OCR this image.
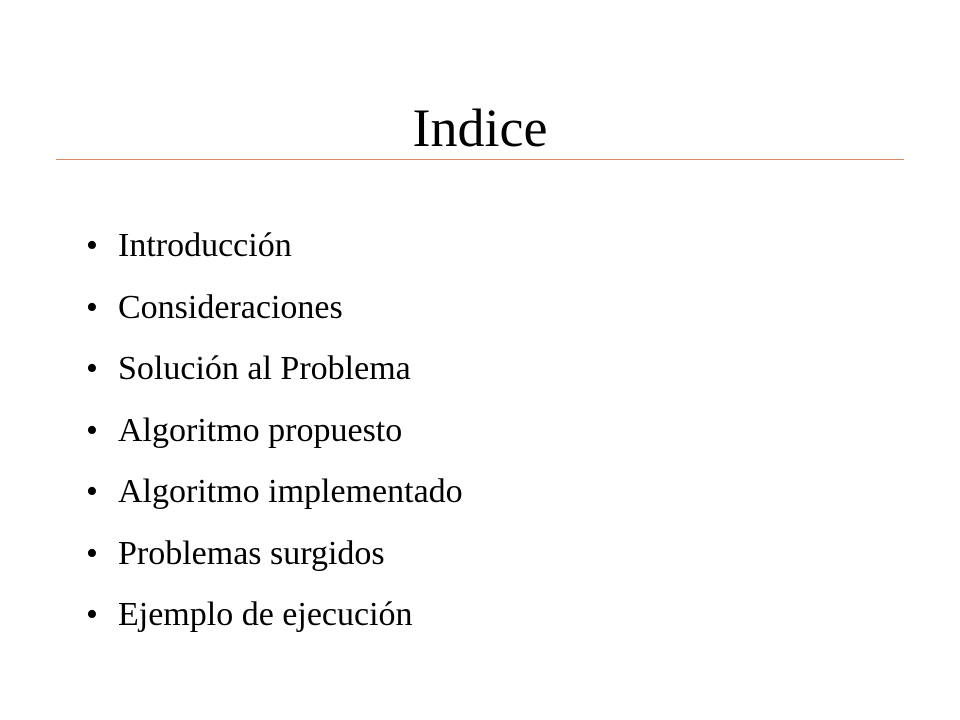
Indice
• Introducción
• Consideraciones
• Solución al Problema
• Algoritmo propuesto
• Algoritmo implementado
• Problemas surgidos
• Ejemplo de ejecución
